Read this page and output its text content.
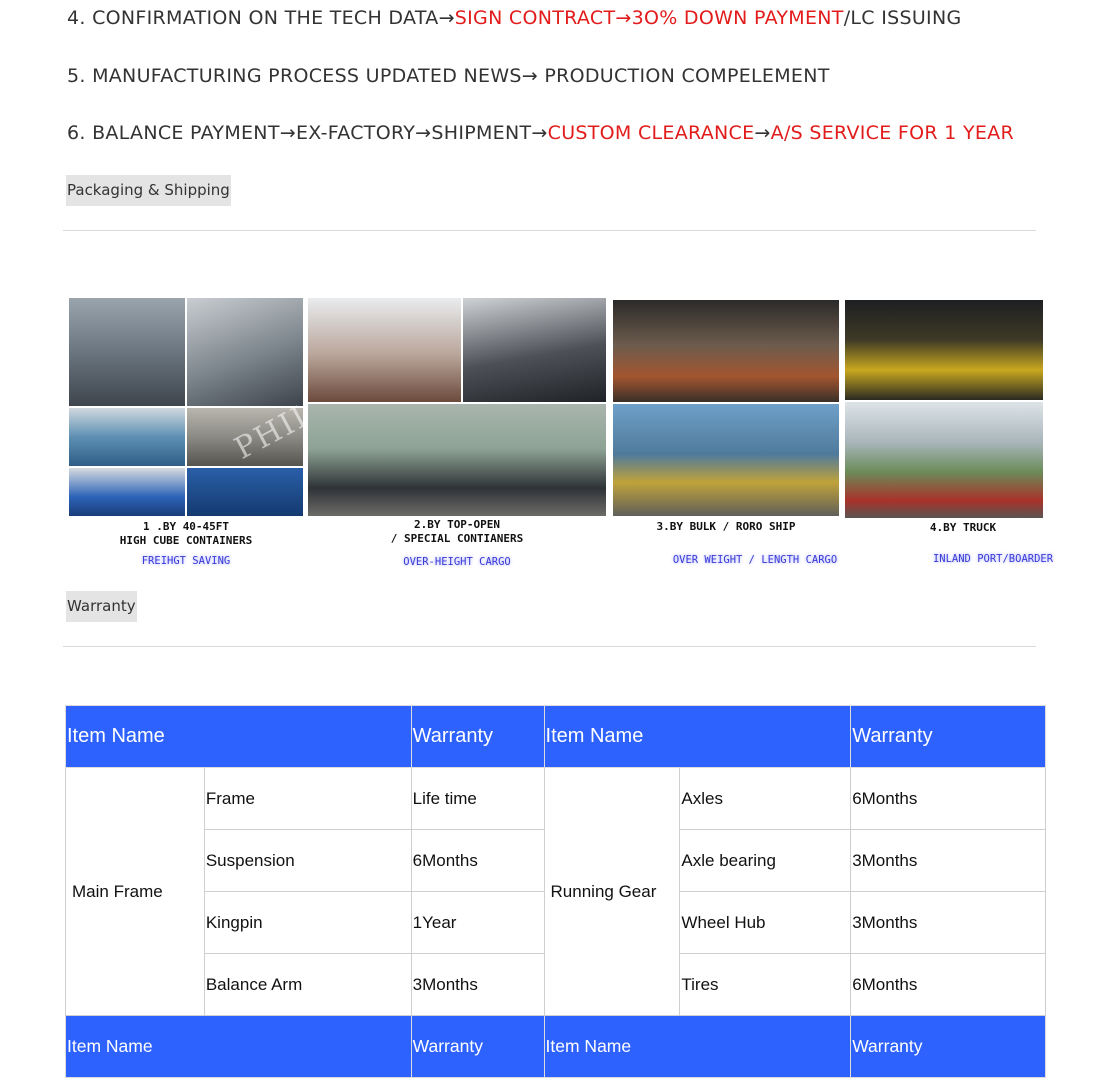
4. CONFIRMATION ON THE TECH DATA→SIGN CONTRACT→3O% DOWN PAYMENT/LC ISSUING
5. MANUFACTURING PROCESS UPDATED NEWS→ PRODUCTION COMPELEMENT
6. BALANCE PAYMENT→EX-FACTORY→SHIPMENT→CUSTOM CLEARANCE→A/S SERVICE FOR 1 YEAR
Packaging & Shipping
1 .BY 40-45FT
HIGH CUBE CONTAINERS
FREIHGT SAVING
2.BY TOP-OPEN
/ SPECIAL CONTIANERS
OVER-HEIGHT CARGO
3.BY BULK / RORO SHIP
OVER WEIGHT / LENGTH CARGO
4.BY TRUCK
INLAND PORT/BOARDER
Warranty
Item Name		Warranty	Item Name		Warranty
Main Frame	Frame	Life time	Running Gear	Axles	6Months
	Suspension	6Months		Axle bearing	3Months
	Kingpin	1Year		Wheel Hub	3Months
	Balance Arm	3Months		Tires	6Months
Item Name		Warranty	Item Name		Warranty
